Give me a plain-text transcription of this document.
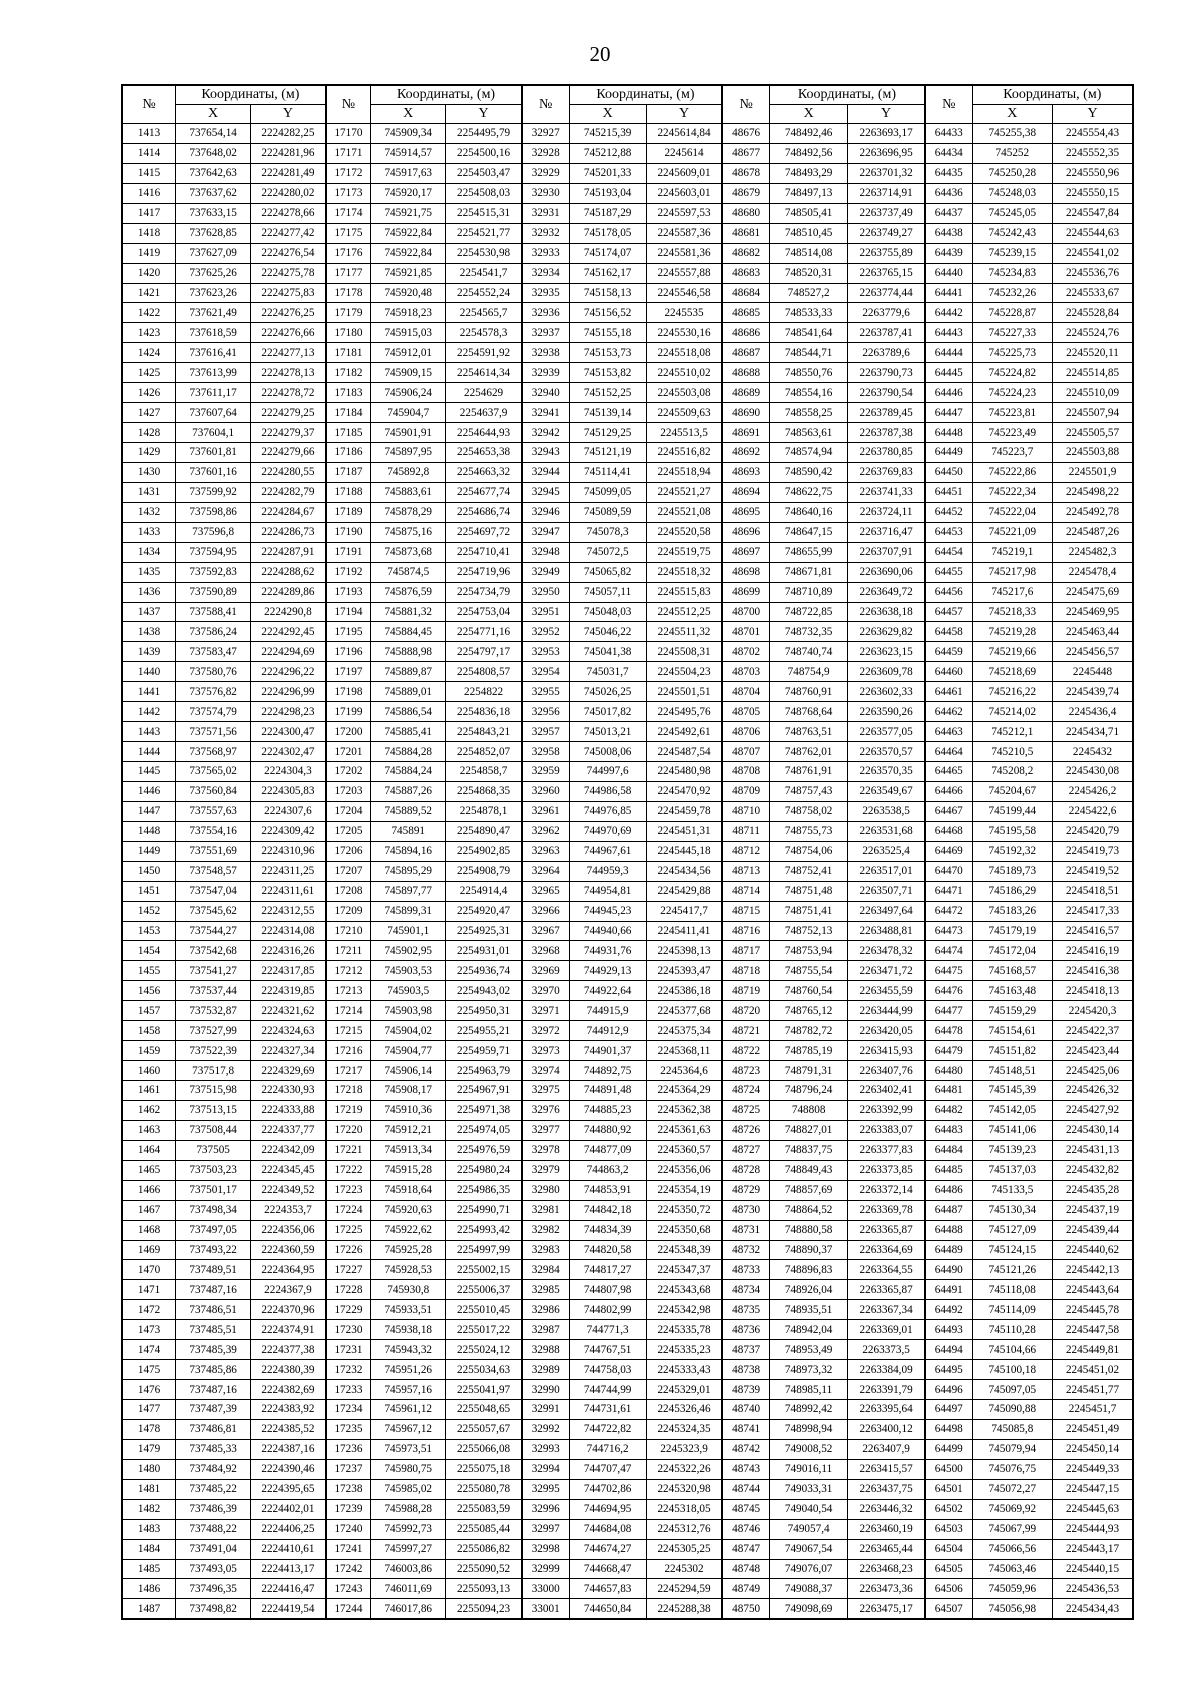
20
№	Координаты, (м)		№	Координаты, (м)		№	Координаты, (м)		№	Координаты, (м)		№	Координаты, (м)	
	X	Y		X	Y		X	Y		X	Y		X	Y
1413	737654,14	2224282,25	17170	745909,34	2254495,79	32927	745215,39	2245614,84	48676	748492,46	2263693,17	64433	745255,38	2245554,43
1414	737648,02	2224281,96	17171	745914,57	2254500,16	32928	745212,88	2245614	48677	748492,56	2263696,95	64434	745252	2245552,35
1415	737642,63	2224281,49	17172	745917,63	2254503,47	32929	745201,33	2245609,01	48678	748493,29	2263701,32	64435	745250,28	2245550,96
1416	737637,62	2224280,02	17173	745920,17	2254508,03	32930	745193,04	2245603,01	48679	748497,13	2263714,91	64436	745248,03	2245550,15
1417	737633,15	2224278,66	17174	745921,75	2254515,31	32931	745187,29	2245597,53	48680	748505,41	2263737,49	64437	745245,05	2245547,84
1418	737628,85	2224277,42	17175	745922,84	2254521,77	32932	745178,05	2245587,36	48681	748510,45	2263749,27	64438	745242,43	2245544,63
1419	737627,09	2224276,54	17176	745922,84	2254530,98	32933	745174,07	2245581,36	48682	748514,08	2263755,89	64439	745239,15	2245541,02
1420	737625,26	2224275,78	17177	745921,85	2254541,7	32934	745162,17	2245557,88	48683	748520,31	2263765,15	64440	745234,83	2245536,76
1421	737623,26	2224275,83	17178	745920,48	2254552,24	32935	745158,13	2245546,58	48684	748527,2	2263774,44	64441	745232,26	2245533,67
1422	737621,49	2224276,25	17179	745918,23	2254565,7	32936	745156,52	2245535	48685	748533,33	2263779,6	64442	745228,87	2245528,84
1423	737618,59	2224276,66	17180	745915,03	2254578,3	32937	745155,18	2245530,16	48686	748541,64	2263787,41	64443	745227,33	2245524,76
1424	737616,41	2224277,13	17181	745912,01	2254591,92	32938	745153,73	2245518,08	48687	748544,71	2263789,6	64444	745225,73	2245520,11
1425	737613,99	2224278,13	17182	745909,15	2254614,34	32939	745153,82	2245510,02	48688	748550,76	2263790,73	64445	745224,82	2245514,85
1426	737611,17	2224278,72	17183	745906,24	2254629	32940	745152,25	2245503,08	48689	748554,16	2263790,54	64446	745224,23	2245510,09
1427	737607,64	2224279,25	17184	745904,7	2254637,9	32941	745139,14	2245509,63	48690	748558,25	2263789,45	64447	745223,81	2245507,94
1428	737604,1	2224279,37	17185	745901,91	2254644,93	32942	745129,25	2245513,5	48691	748563,61	2263787,38	64448	745223,49	2245505,57
1429	737601,81	2224279,66	17186	745897,95	2254653,38	32943	745121,19	2245516,82	48692	748574,94	2263780,85	64449	745223,7	2245503,88
1430	737601,16	2224280,55	17187	745892,8	2254663,32	32944	745114,41	2245518,94	48693	748590,42	2263769,83	64450	745222,86	2245501,9
1431	737599,92	2224282,79	17188	745883,61	2254677,74	32945	745099,05	2245521,27	48694	748622,75	2263741,33	64451	745222,34	2245498,22
1432	737598,86	2224284,67	17189	745878,29	2254686,74	32946	745089,59	2245521,08	48695	748640,16	2263724,11	64452	745222,04	2245492,78
1433	737596,8	2224286,73	17190	745875,16	2254697,72	32947	745078,3	2245520,58	48696	748647,15	2263716,47	64453	745221,09	2245487,26
1434	737594,95	2224287,91	17191	745873,68	2254710,41	32948	745072,5	2245519,75	48697	748655,99	2263707,91	64454	745219,1	2245482,3
1435	737592,83	2224288,62	17192	745874,5	2254719,96	32949	745065,82	2245518,32	48698	748671,81	2263690,06	64455	745217,98	2245478,4
1436	737590,89	2224289,86	17193	745876,59	2254734,79	32950	745057,11	2245515,83	48699	748710,89	2263649,72	64456	745217,6	2245475,69
1437	737588,41	2224290,8	17194	745881,32	2254753,04	32951	745048,03	2245512,25	48700	748722,85	2263638,18	64457	745218,33	2245469,95
1438	737586,24	2224292,45	17195	745884,45	2254771,16	32952	745046,22	2245511,32	48701	748732,35	2263629,82	64458	745219,28	2245463,44
1439	737583,47	2224294,69	17196	745888,98	2254797,17	32953	745041,38	2245508,31	48702	748740,74	2263623,15	64459	745219,66	2245456,57
1440	737580,76	2224296,22	17197	745889,87	2254808,57	32954	745031,7	2245504,23	48703	748754,9	2263609,78	64460	745218,69	2245448
1441	737576,82	2224296,99	17198	745889,01	2254822	32955	745026,25	2245501,51	48704	748760,91	2263602,33	64461	745216,22	2245439,74
1442	737574,79	2224298,23	17199	745886,54	2254836,18	32956	745017,82	2245495,76	48705	748768,64	2263590,26	64462	745214,02	2245436,4
1443	737571,56	2224300,47	17200	745885,41	2254843,21	32957	745013,21	2245492,61	48706	748763,51	2263577,05	64463	745212,1	2245434,71
1444	737568,97	2224302,47	17201	745884,28	2254852,07	32958	745008,06	2245487,54	48707	748762,01	2263570,57	64464	745210,5	2245432
1445	737565,02	2224304,3	17202	745884,24	2254858,7	32959	744997,6	2245480,98	48708	748761,91	2263570,35	64465	745208,2	2245430,08
1446	737560,84	2224305,83	17203	745887,26	2254868,35	32960	744986,58	2245470,92	48709	748757,43	2263549,67	64466	745204,67	2245426,2
1447	737557,63	2224307,6	17204	745889,52	2254878,1	32961	744976,85	2245459,78	48710	748758,02	2263538,5	64467	745199,44	2245422,6
1448	737554,16	2224309,42	17205	745891	2254890,47	32962	744970,69	2245451,31	48711	748755,73	2263531,68	64468	745195,58	2245420,79
1449	737551,69	2224310,96	17206	745894,16	2254902,85	32963	744967,61	2245445,18	48712	748754,06	2263525,4	64469	745192,32	2245419,73
1450	737548,57	2224311,25	17207	745895,29	2254908,79	32964	744959,3	2245434,56	48713	748752,41	2263517,01	64470	745189,73	2245419,52
1451	737547,04	2224311,61	17208	745897,77	2254914,4	32965	744954,81	2245429,88	48714	748751,48	2263507,71	64471	745186,29	2245418,51
1452	737545,62	2224312,55	17209	745899,31	2254920,47	32966	744945,23	2245417,7	48715	748751,41	2263497,64	64472	745183,26	2245417,33
1453	737544,27	2224314,08	17210	745901,1	2254925,31	32967	744940,66	2245411,41	48716	748752,13	2263488,81	64473	745179,19	2245416,57
1454	737542,68	2224316,26	17211	745902,95	2254931,01	32968	744931,76	2245398,13	48717	748753,94	2263478,32	64474	745172,04	2245416,19
1455	737541,27	2224317,85	17212	745903,53	2254936,74	32969	744929,13	2245393,47	48718	748755,54	2263471,72	64475	745168,57	2245416,38
1456	737537,44	2224319,85	17213	745903,5	2254943,02	32970	744922,64	2245386,18	48719	748760,54	2263455,59	64476	745163,48	2245418,13
1457	737532,87	2224321,62	17214	745903,98	2254950,31	32971	744915,9	2245377,68	48720	748765,12	2263444,99	64477	745159,29	2245420,3
1458	737527,99	2224324,63	17215	745904,02	2254955,21	32972	744912,9	2245375,34	48721	748782,72	2263420,05	64478	745154,61	2245422,37
1459	737522,39	2224327,34	17216	745904,77	2254959,71	32973	744901,37	2245368,11	48722	748785,19	2263415,93	64479	745151,82	2245423,44
1460	737517,8	2224329,69	17217	745906,14	2254963,79	32974	744892,75	2245364,6	48723	748791,31	2263407,76	64480	745148,51	2245425,06
1461	737515,98	2224330,93	17218	745908,17	2254967,91	32975	744891,48	2245364,29	48724	748796,24	2263402,41	64481	745145,39	2245426,32
1462	737513,15	2224333,88	17219	745910,36	2254971,38	32976	744885,23	2245362,38	48725	748808	2263392,99	64482	745142,05	2245427,92
1463	737508,44	2224337,77	17220	745912,21	2254974,05	32977	744880,92	2245361,63	48726	748827,01	2263383,07	64483	745141,06	2245430,14
1464	737505	2224342,09	17221	745913,34	2254976,59	32978	744877,09	2245360,57	48727	748837,75	2263377,83	64484	745139,23	2245431,13
1465	737503,23	2224345,45	17222	745915,28	2254980,24	32979	744863,2	2245356,06	48728	748849,43	2263373,85	64485	745137,03	2245432,82
1466	737501,17	2224349,52	17223	745918,64	2254986,35	32980	744853,91	2245354,19	48729	748857,69	2263372,14	64486	745133,5	2245435,28
1467	737498,34	2224353,7	17224	745920,63	2254990,71	32981	744842,18	2245350,72	48730	748864,52	2263369,78	64487	745130,34	2245437,19
1468	737497,05	2224356,06	17225	745922,62	2254993,42	32982	744834,39	2245350,68	48731	748880,58	2263365,87	64488	745127,09	2245439,44
1469	737493,22	2224360,59	17226	745925,28	2254997,99	32983	744820,58	2245348,39	48732	748890,37	2263364,69	64489	745124,15	2245440,62
1470	737489,51	2224364,95	17227	745928,53	2255002,15	32984	744817,27	2245347,37	48733	748896,83	2263364,55	64490	745121,26	2245442,13
1471	737487,16	2224367,9	17228	745930,8	2255006,37	32985	744807,98	2245343,68	48734	748926,04	2263365,87	64491	745118,08	2245443,64
1472	737486,51	2224370,96	17229	745933,51	2255010,45	32986	744802,99	2245342,98	48735	748935,51	2263367,34	64492	745114,09	2245445,78
1473	737485,51	2224374,91	17230	745938,18	2255017,22	32987	744771,3	2245335,78	48736	748942,04	2263369,01	64493	745110,28	2245447,58
1474	737485,39	2224377,38	17231	745943,32	2255024,12	32988	744767,51	2245335,23	48737	748953,49	2263373,5	64494	745104,66	2245449,81
1475	737485,86	2224380,39	17232	745951,26	2255034,63	32989	744758,03	2245333,43	48738	748973,32	2263384,09	64495	745100,18	2245451,02
1476	737487,16	2224382,69	17233	745957,16	2255041,97	32990	744744,99	2245329,01	48739	748985,11	2263391,79	64496	745097,05	2245451,77
1477	737487,39	2224383,92	17234	745961,12	2255048,65	32991	744731,61	2245326,46	48740	748992,42	2263395,64	64497	745090,88	2245451,7
1478	737486,81	2224385,52	17235	745967,12	2255057,67	32992	744722,82	2245324,35	48741	748998,94	2263400,12	64498	745085,8	2245451,49
1479	737485,33	2224387,16	17236	745973,51	2255066,08	32993	744716,2	2245323,9	48742	749008,52	2263407,9	64499	745079,94	2245450,14
1480	737484,92	2224390,46	17237	745980,75	2255075,18	32994	744707,47	2245322,26	48743	749016,11	2263415,57	64500	745076,75	2245449,33
1481	737485,22	2224395,65	17238	745985,02	2255080,78	32995	744702,86	2245320,98	48744	749033,31	2263437,75	64501	745072,27	2245447,15
1482	737486,39	2224402,01	17239	745988,28	2255083,59	32996	744694,95	2245318,05	48745	749040,54	2263446,32	64502	745069,92	2245445,63
1483	737488,22	2224406,25	17240	745992,73	2255085,44	32997	744684,08	2245312,76	48746	749057,4	2263460,19	64503	745067,99	2245444,93
1484	737491,04	2224410,61	17241	745997,27	2255086,82	32998	744674,27	2245305,25	48747	749067,54	2263465,44	64504	745066,56	2245443,17
1485	737493,05	2224413,17	17242	746003,86	2255090,52	32999	744668,47	2245302	48748	749076,07	2263468,23	64505	745063,46	2245440,15
1486	737496,35	2224416,47	17243	746011,69	2255093,13	33000	744657,83	2245294,59	48749	749088,37	2263473,36	64506	745059,96	2245436,53
1487	737498,82	2224419,54	17244	746017,86	2255094,23	33001	744650,84	2245288,38	48750	749098,69	2263475,17	64507	745056,98	2245434,43
